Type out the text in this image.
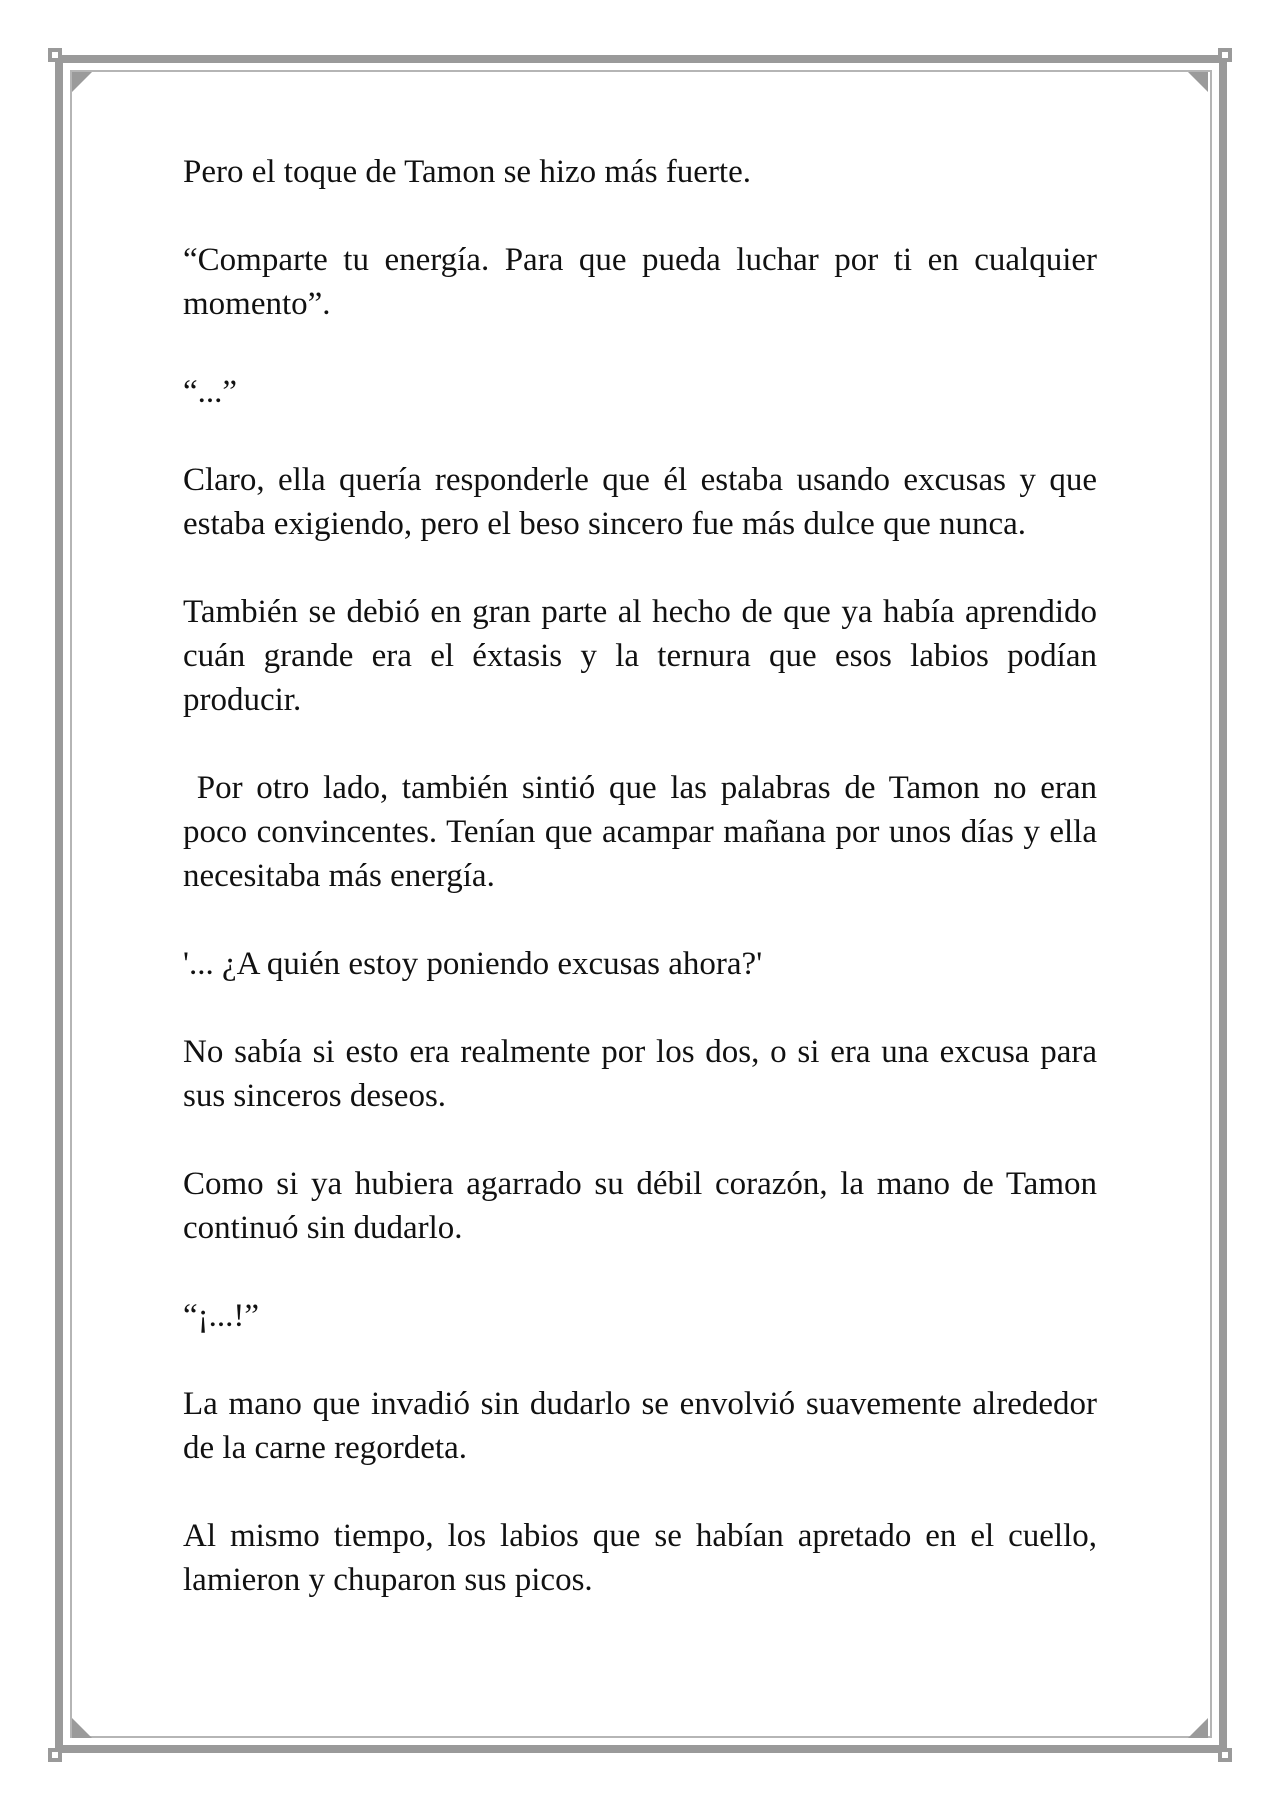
Pero el toque de Tamon se hizo más fuerte.

“Comparte tu energía. Para que pueda luchar por ti en cualquier momento”.

“...”

Claro, ella quería responderle que él estaba usando excusas y que estaba exigiendo, pero el beso sincero fue más dulce que nunca.

También se debió en gran parte al hecho de que ya había aprendido cuán grande era el éxtasis y la ternura que esos labios podían producir.

Por otro lado, también sintió que las palabras de Tamon no eran poco convincentes. Tenían que acampar mañana por unos días y ella necesitaba más energía.

'... ¿A quién estoy poniendo excusas ahora?'

No sabía si esto era realmente por los dos, o si era una excusa para sus sinceros deseos.

Como si ya hubiera agarrado su débil corazón, la mano de Tamon continuó sin dudarlo.

“¡...!”

La mano que invadió sin dudarlo se envolvió suavemente alrededor de la carne regordeta.

Al mismo tiempo, los labios que se habían apretado en el cuello, lamieron y chuparon sus picos.
